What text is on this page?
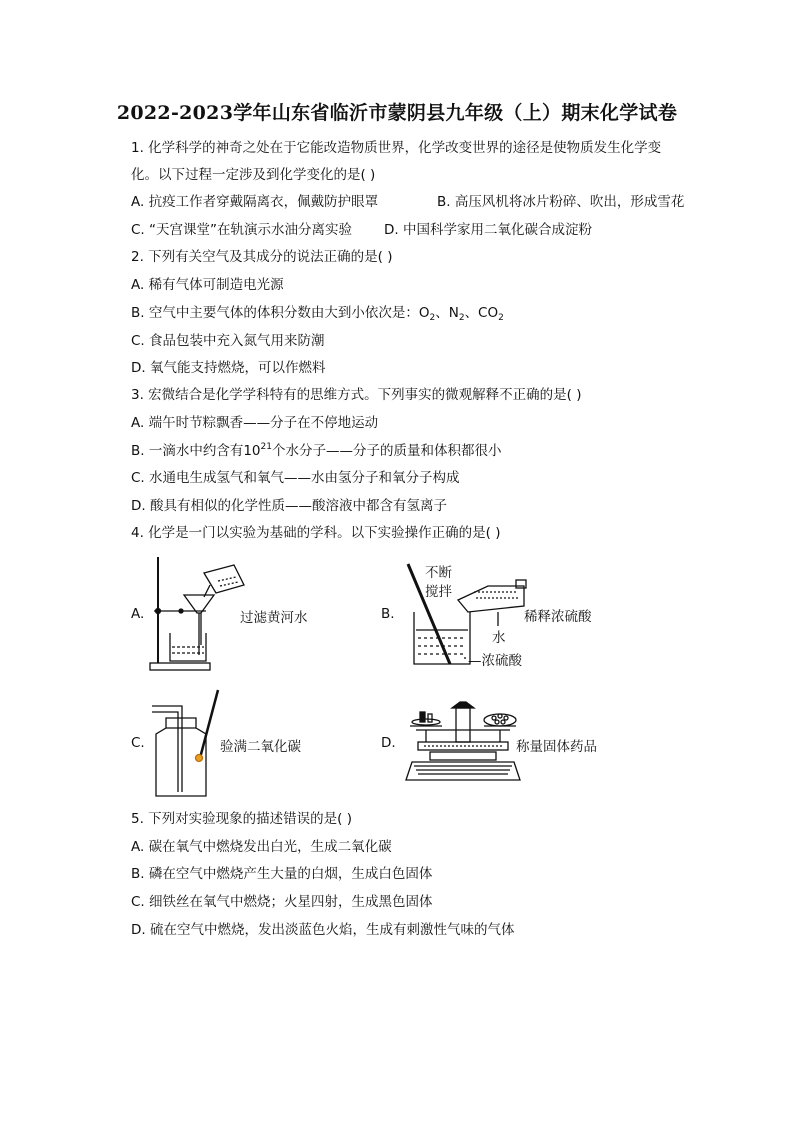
2022-2023学年山东省临沂市蒙阴县九年级（上）期末化学试卷
1. 化学科学的神奇之处在于它能改造物质世界，化学改变世界的途径是使物质发生化学变
化。以下过程一定涉及到化学变化的是( )
A. 抗疫工作者穿戴隔离衣，佩戴防护眼罩	B. 高压风机将冰片粉碎、吹出，形成雪花
C. “天宫课堂”在轨演示水油分离实验 D. 中国科学家用二氧化碳合成淀粉
2. 下列有关空气及其成分的说法正确的是( )
A. 稀有气体可制造电光源
B. 空气中主要气体的体积分数由大到小依次是：$O_2$、$N_2$、$CO_2$
C. 食品包装中充入氮气用来防潮
D. 氧气能支持燃烧，可以作燃料
3. 宏微结合是化学学科特有的思维方式。下列事实的微观解释不正确的是( )
A. 端午时节粽飘香——分子在不停地运动
B. 一滴水中约含有$10^{21}$个水分子——分子的质量和体积都很小
C. 水通电生成氢气和氧气——水由氢分子和氧分子构成
D. 酸具有相似的化学性质——酸溶液中都含有氢离子
4. 化学是一门以实验为基础的学科。以下实验操作正确的是( )
A.	过滤黄河水	B.
不断
搅拌
稀释浓硫酸
水
—浓硫酸
C.	验满二氧化碳	D.	称量固体药品
5. 下列对实验现象的描述错误的是( )
A. 碳在氧气中燃烧发出白光，生成二氧化碳
B. 磷在空气中燃烧产生大量的白烟，生成白色固体
C. 细铁丝在氧气中燃烧；火星四射，生成黑色固体
D. 硫在空气中燃烧，发出淡蓝色火焰，生成有刺激性气味的气体
